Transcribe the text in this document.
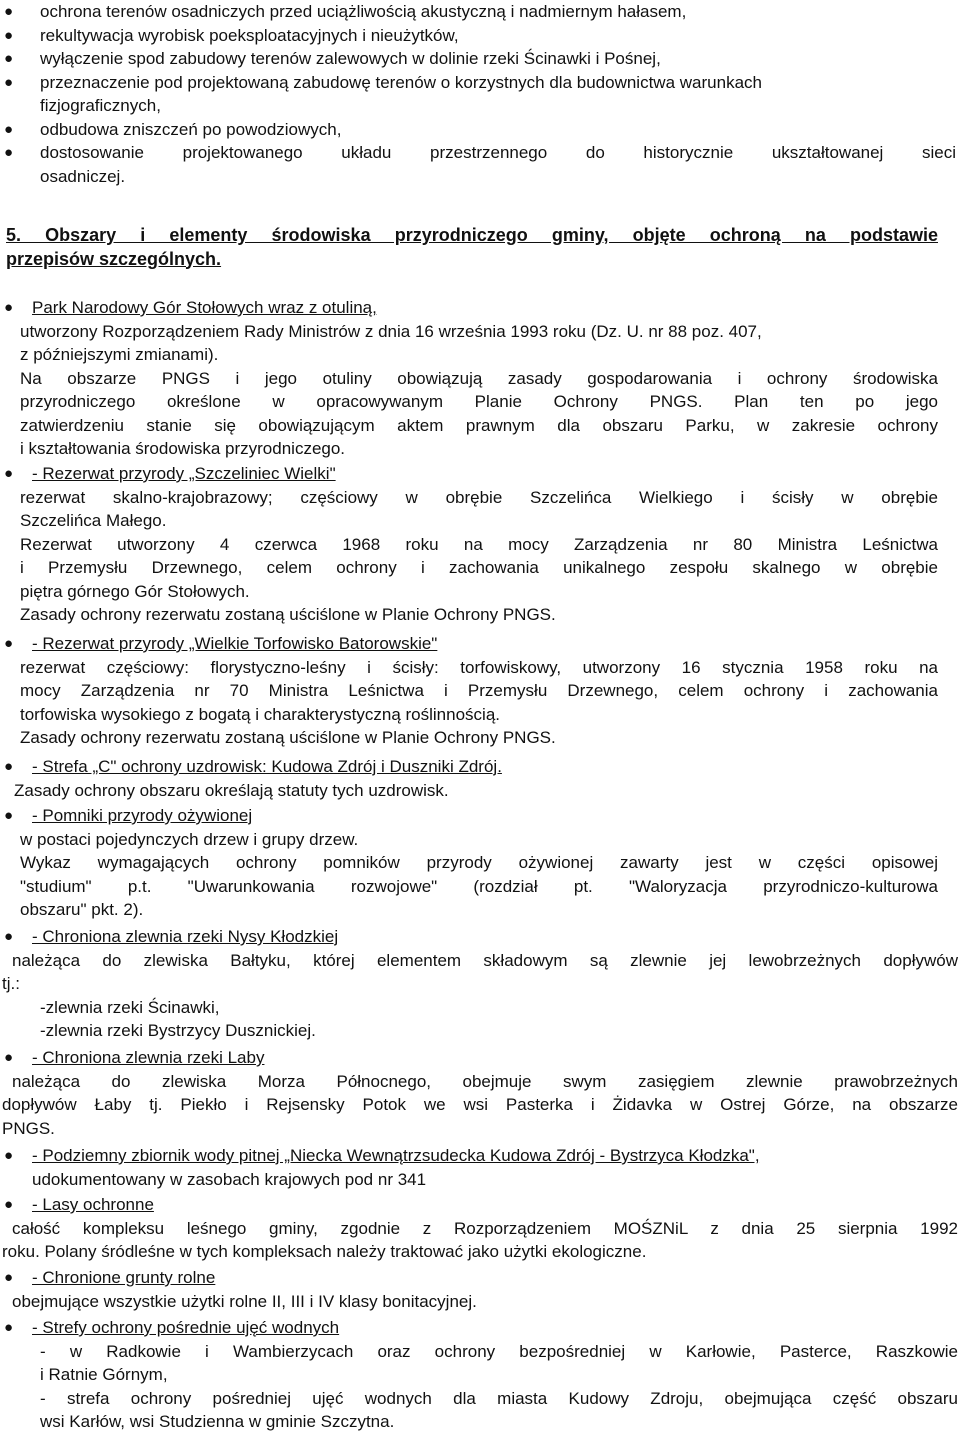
● ochrona terenów osadniczych przed uciążliwością akustyczną i nadmiernym hałasem,
● rekultywacja wyrobisk poeksploatacyjnych i nieużytków,
● wyłączenie spod zabudowy terenów zalewowych w dolinie rzeki Ścinawki i Pośnej,
● przeznaczenie pod projektowaną zabudowę terenów o korzystnych dla budownictwa warunkach
fizjograficznych,
● odbudowa zniszczeń po powodziowych,
● dostosowanie projektowanego układu przestrzennego do historycznie ukształtowanej sieci
osadniczej.
5. Obszary i elementy środowiska przyrodniczego gminy, objęte ochroną na podstawie
przepisów szczególnych.
● Park Narodowy Gór Stołowych wraz z otuliną,
utworzony Rozporządzeniem Rady Ministrów z dnia 16 września 1993 roku (Dz. U. nr 88 poz. 407,
z późniejszymi zmianami).
Na obszarze PNGS i jego otuliny obowiązują zasady gospodarowania i ochrony środowiska
przyrodniczego określone w opracowywanym Planie Ochrony PNGS. Plan ten po jego
zatwierdzeniu stanie się obowiązującym aktem prawnym dla obszaru Parku, w zakresie ochrony
i kształtowania środowiska przyrodniczego.
● - Rezerwat przyrody „Szczeliniec Wielki"
rezerwat skalno-krajobrazowy; częściowy w obrębie Szczelińca Wielkiego i ścisły w obrębie
Szczelińca Małego.
Rezerwat utworzony 4 czerwca 1968 roku na mocy Zarządzenia nr 80 Ministra Leśnictwa
i Przemysłu Drzewnego, celem ochrony i zachowania unikalnego zespołu skalnego w obrębie
piętra górnego Gór Stołowych.
Zasady ochrony rezerwatu zostaną uściślone w Planie Ochrony PNGS.
● - Rezerwat przyrody „Wielkie Torfowisko Batorowskie"
rezerwat częściowy: florystyczno-leśny i ścisły: torfowiskowy, utworzony 16 stycznia 1958 roku na
mocy Zarządzenia nr 70 Ministra Leśnictwa i Przemysłu Drzewnego, celem ochrony i zachowania
torfowiska wysokiego z bogatą i charakterystyczną roślinnością.
Zasady ochrony rezerwatu zostaną uściślone w Planie Ochrony PNGS.
● - Strefa „C" ochrony uzdrowisk: Kudowa Zdrój i Duszniki Zdrój.
Zasady ochrony obszaru określają statuty tych uzdrowisk.
● - Pomniki przyrody ożywionej
w postaci pojedynczych drzew i grupy drzew.
Wykaz wymagających ochrony pomników przyrody ożywionej zawarty jest w części opisowej
"studium" p.t. "Uwarunkowania rozwojowe" (rozdział pt. "Waloryzacja przyrodniczo-kulturowa
obszaru" pkt. 2).
● - Chroniona zlewnia rzeki Nysy Kłodzkiej
należąca do zlewiska Bałtyku, której elementem składowym są zlewnie jej lewobrzeżnych dopływów
tj.:
-zlewnia rzeki Ścinawki,
-zlewnia rzeki Bystrzycy Dusznickiej.
● - Chroniona zlewnia rzeki Laby
należąca do zlewiska Morza Północnego, obejmuje swym zasięgiem zlewnie prawobrzeżnych
dopływów Łaby tj. Piekło i Rejsensky Potok we wsi Pasterka i Żidavka w Ostrej Górze, na obszarze
PNGS.
● - Podziemny zbiornik wody pitnej „Niecka Wewnątrzsudecka Kudowa Zdrój - Bystrzyca Kłodzka",
udokumentowany w zasobach krajowych pod nr 341
● - Lasy ochronne
całość kompleksu leśnego gminy, zgodnie z Rozporządzeniem MOŚZNiL z dnia 25 sierpnia 1992
roku. Polany śródleśne w tych kompleksach należy traktować jako użytki ekologiczne.
● - Chronione grunty rolne
obejmujące wszystkie użytki rolne II, III i IV klasy bonitacyjnej.
● - Strefy ochrony pośrednie ujęć wodnych
- w Radkowie i Wambierzycach oraz ochrony bezpośredniej w Karłowie, Pasterce, Raszkowie
i Ratnie Górnym,
- strefa ochrony pośredniej ujęć wodnych dla miasta Kudowy Zdroju, obejmująca część obszaru
wsi Karłów, wsi Studzienna w gminie Szczytna.
